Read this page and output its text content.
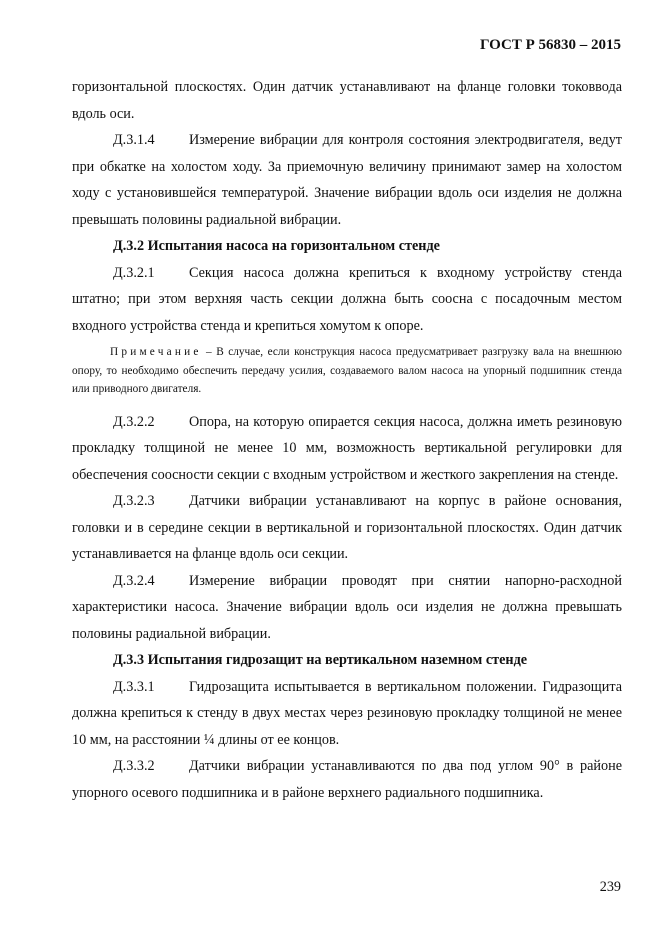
ГОСТ Р 56830 – 2015

горизонтальной плоскостях. Один датчик устанавливают на фланце головки токоввода вдоль оси.

Д.3.1.4 Измерение вибрации для контроля состояния электродвигателя, ведут при обкатке на холостом ходу. За приемочную величину принимают замер на холостом ходу с установившейся температурой. Значение вибрации вдоль оси изделия не должна превышать половины радиальной вибрации.

Д.3.2 Испытания насоса на горизонтальном стенде

Д.3.2.1 Секция насоса должна крепиться к входному устройству стенда штатно; при этом верхняя часть секции должна быть соосна с посадочным местом входного устройства стенда и крепиться хомутом к опоре.

Примечание – В случае, если конструкция насоса предусматривает разгрузку вала на внешнюю опору, то необходимо обеспечить передачу усилия, создаваемого валом насоса на упорный подшипник стенда или приводного двигателя.

Д.3.2.2 Опора, на которую опирается секция насоса, должна иметь резиновую прокладку толщиной не менее 10 мм, возможность вертикальной регулировки для обеспечения соосности секции с входным устройством и жесткого закрепления на стенде.

Д.3.2.3 Датчики вибрации устанавливают на корпус в районе основания, головки и в середине секции в вертикальной и горизонтальной плоскостях. Один датчик устанавливается на фланце вдоль оси секции.

Д.3.2.4 Измерение вибрации проводят при снятии напорно-расходной характеристики насоса. Значение вибрации вдоль оси изделия не должна превышать половины радиальной вибрации.

Д.3.3 Испытания гидрозащит на вертикальном наземном стенде

Д.3.3.1 Гидрозащита испытывается в вертикальном положении. Гидразощита должна крепиться к стенду в двух местах через резиновую прокладку толщиной не менее 10 мм, на расстоянии ¼ длины от ее концов.

Д.3.3.2 Датчики вибрации устанавливаются по два под углом 90° в районе упорного осевого подшипника и в районе верхнего радиального подшипника.

239
